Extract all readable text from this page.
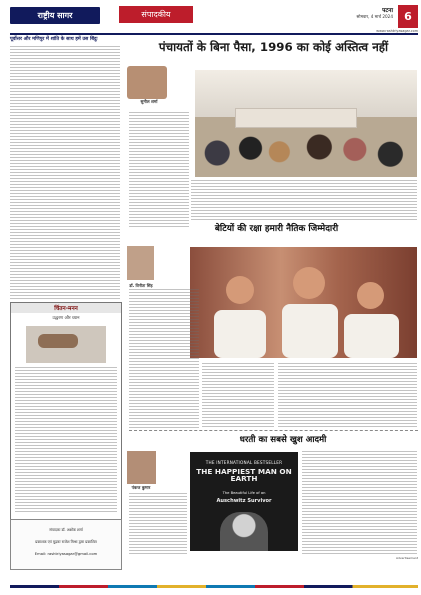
राष्ट्रीय सागर	संपादकीय	पटना
सोमवार, 4 मार्च 2024	6
www.rashtriyasagar.com
पूर्वोत्तर और मणिपुर में शांति के साथ हमें उस बिंदुः
चिंतन-मनन
उद्धरण और ध्यान
संपादकः डॉ. अशोक शर्मा
प्रकाशक एवं मुद्रकः राजेश मिश्रा द्वारा प्रकाशित
Email: rashtriyasagar@gmail.com
पंचायतों के बिना पैसा, 1996 का कोई अस्तित्व नहीं
सुनील शर्मा
बेटियों की रक्षा हमारी नैतिक जिम्मेदारी
डॉ. विनीता सिंह
धरती का सबसे खुश आदमी
पंकज कुमार
THE INTERNATIONAL BESTSELLER
THE HAPPIEST MAN ON EARTH
The Beautiful Life of an
Auschwitz Survivor
Advertisement
